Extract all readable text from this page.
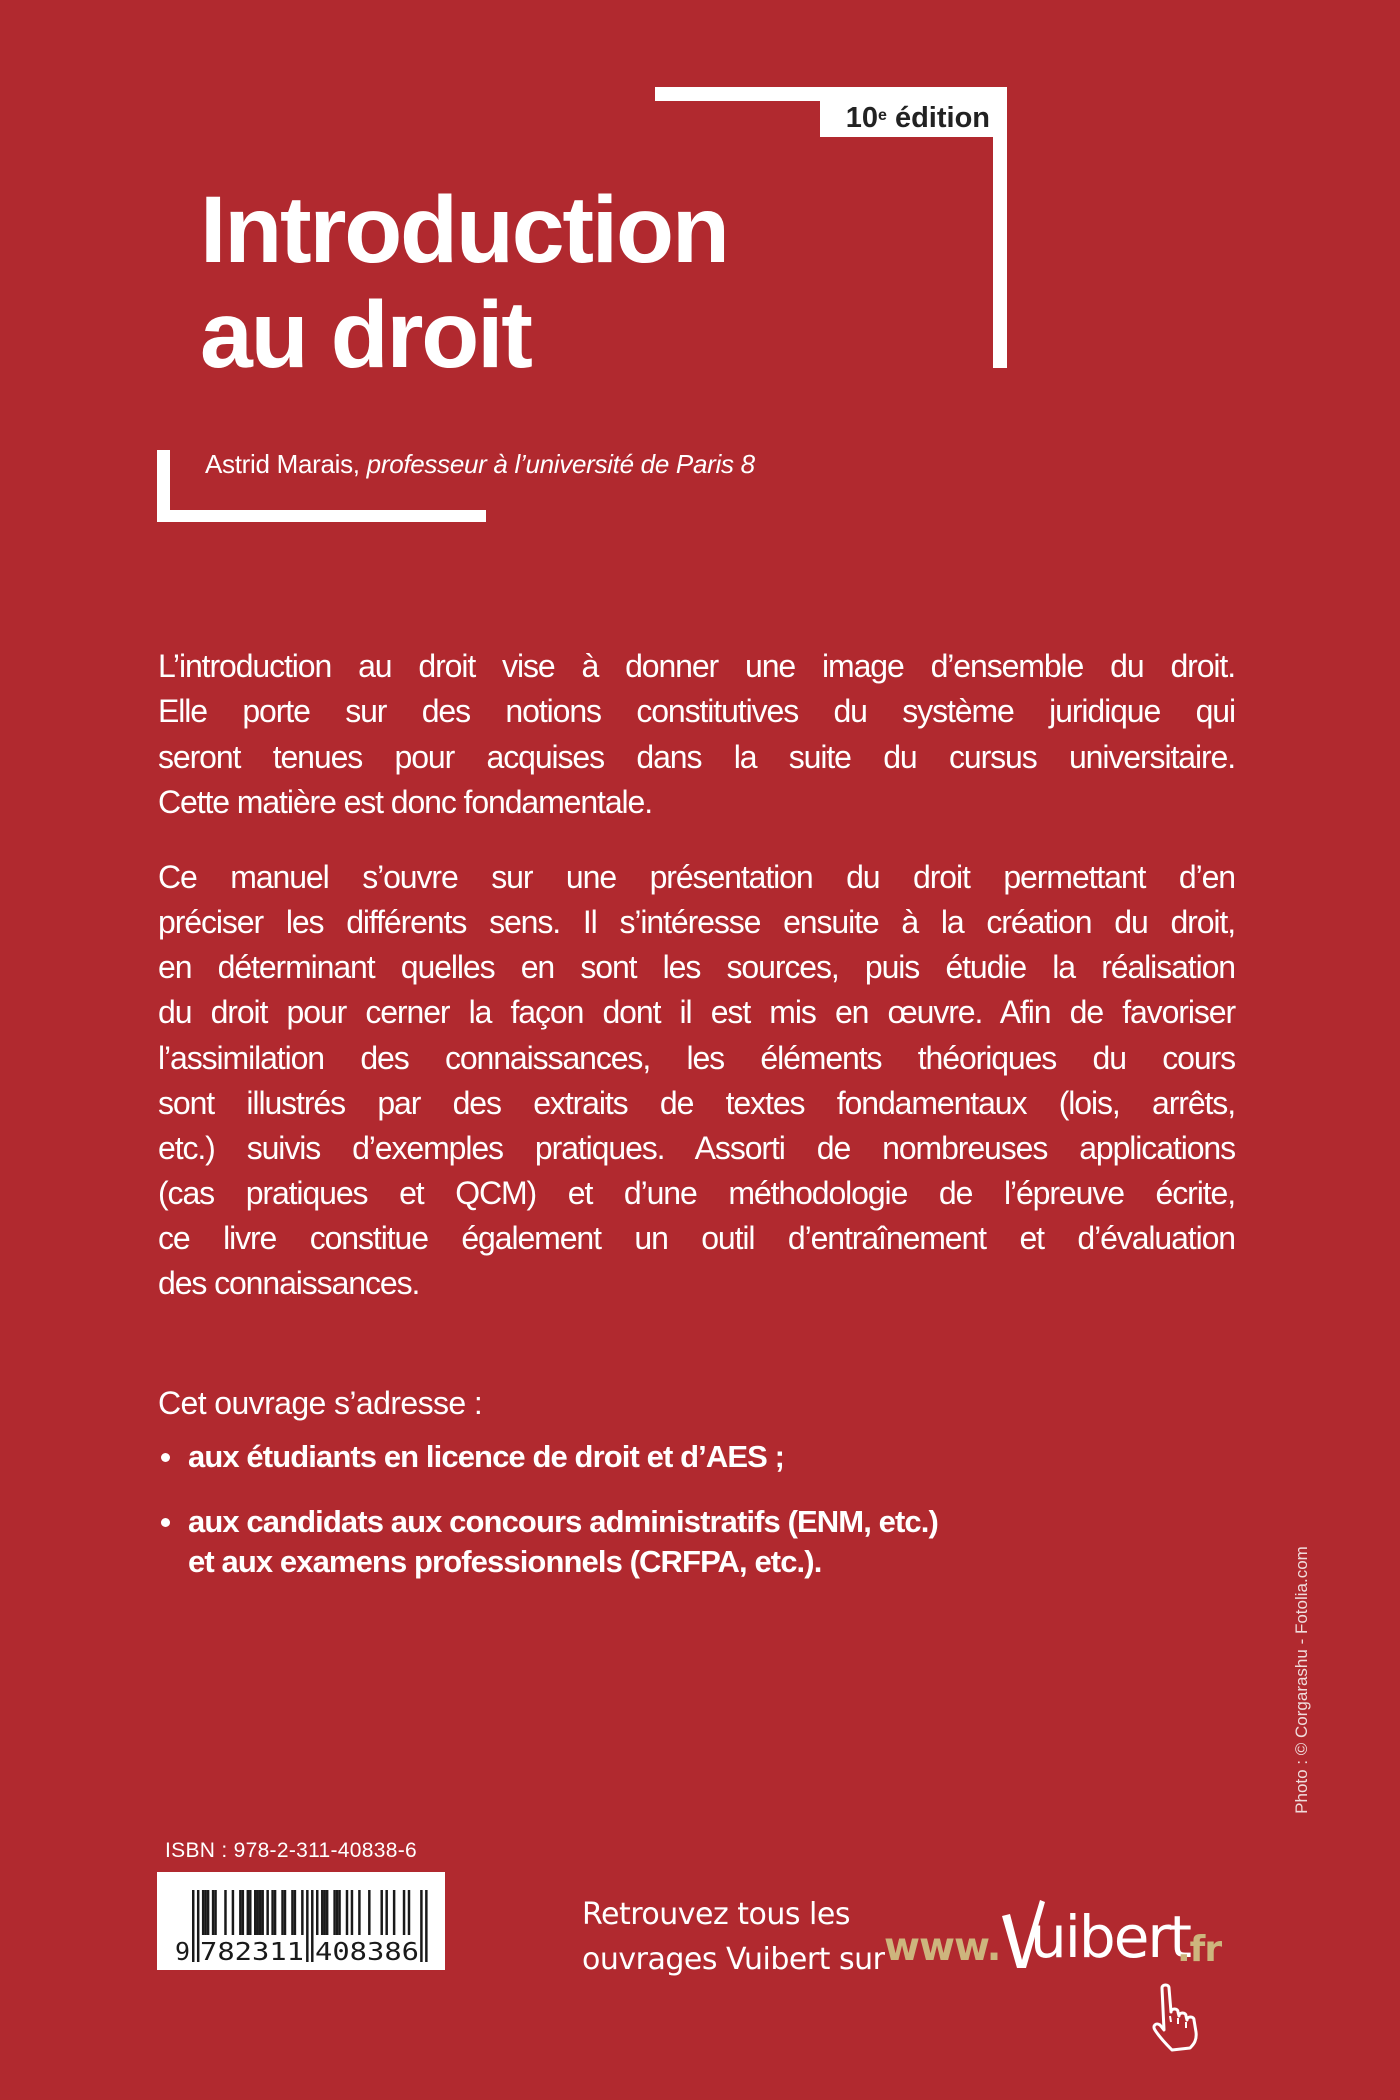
10e édition
Introduction
au droit
Astrid Marais, professeur à l’université de Paris 8
L’introduction au droit vise à donner une image d’ensemble du droit.
Elle porte sur des notions constitutives du système juridique qui
seront tenues pour acquises dans la suite du cursus universitaire.
Cette matière est donc fondamentale.
Ce manuel s’ouvre sur une présentation du droit permettant d’en
préciser les différents sens. Il s’intéresse ensuite à la création du droit,
en déterminant quelles en sont les sources, puis étudie la réalisation
du droit pour cerner la façon dont il est mis en œuvre. Afin de favoriser
l’assimilation des connaissances, les éléments théoriques du cours
sont illustrés par des extraits de textes fondamentaux (lois, arrêts,
etc.) suivis d’exemples pratiques. Assorti de nombreuses applications
(cas pratiques et QCM) et d’une méthodologie de l’épreuve écrite,
ce livre constitue également un outil d’entraînement et d’évaluation
des connaissances.
Cet ouvrage s’adresse :
aux étudiants en licence de droit et d’AES ;
aux candidats aux concours administratifs (ENM, etc.)
et aux examens professionnels (CRFPA, etc.).	Photo : © Corgarashu - Fotolia.com
ISBN : 978-2-311-40838-6
9 782311 408386
Retrouvez tous les
ouvrages Vuibert sur www. uibert
.fr
